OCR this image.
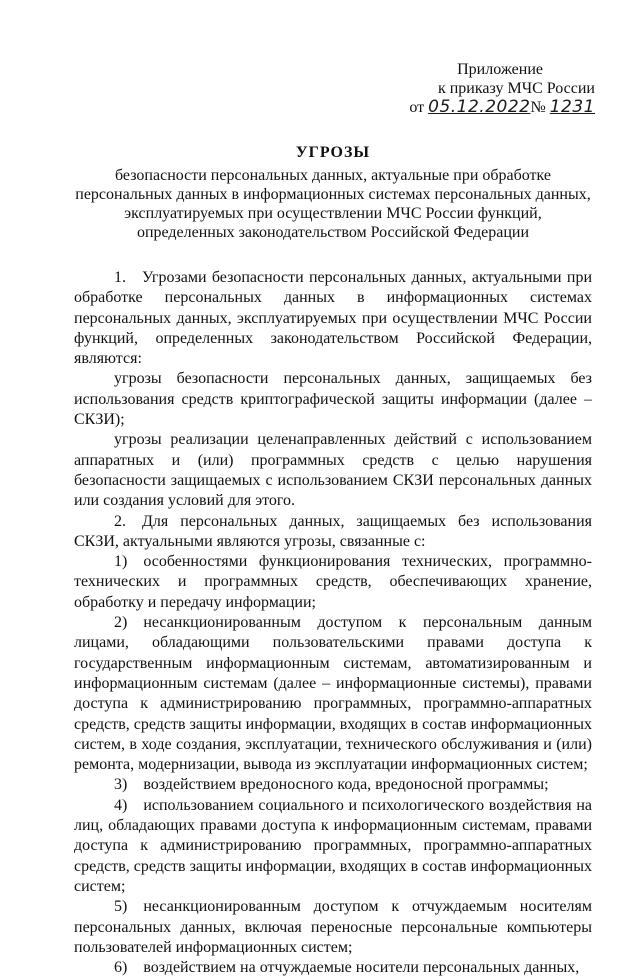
Приложение
к приказу МЧС России
от 05.12.2022№ 1231
УГРОЗЫ
безопасности персональных данных, актуальные при обработке
персональных данных в информационных системах персональных данных,
эксплуатируемых при осуществлении МЧС России функций,
определенных законодательством Российской Федерации

1. Угрозами безопасности персональных данных, актуальными при обработке персональных данных в информационных системах персональных данных, эксплуатируемых при осуществлении МЧС России функций, определенных законодательством Российской Федерации, являются:

угрозы безопасности персональных данных, защищаемых без использования средств криптографической защиты информации (далее – СКЗИ);

угрозы реализации целенаправленных действий с использованием аппаратных и (или) программных средств с целью нарушения безопасности защищаемых с использованием СКЗИ персональных данных или создания условий для этого.

2. Для персональных данных, защищаемых без использования СКЗИ, актуальными являются угрозы, связанные с:

1) особенностями функционирования технических, программно-технических и программных средств, обеспечивающих хранение, обработку и передачу информации;

2) несанкционированным доступом к персональным данным лицами, обладающими пользовательскими правами доступа к государственным информационным системам, автоматизированным и информационным системам (далее – информационные системы), правами доступа к администрированию программных, программно-аппаратных средств, средств защиты информации, входящих в состав информационных систем, в ходе создания, эксплуатации, технического обслуживания и (или) ремонта, модернизации, вывода из эксплуатации информационных систем;

3) воздействием вредоносного кода, вредоносной программы;

4) использованием социального и психологического воздействия на лиц, обладающих правами доступа к информационным системам, правами доступа к администрированию программных, программно-аппаратных средств, средств защиты информации, входящих в состав информационных систем;

5) несанкционированным доступом к отчуждаемым носителям персональных данных, включая переносные персональные компьютеры пользователей информационных систем;

6) воздействием на отчуждаемые носители персональных данных,
